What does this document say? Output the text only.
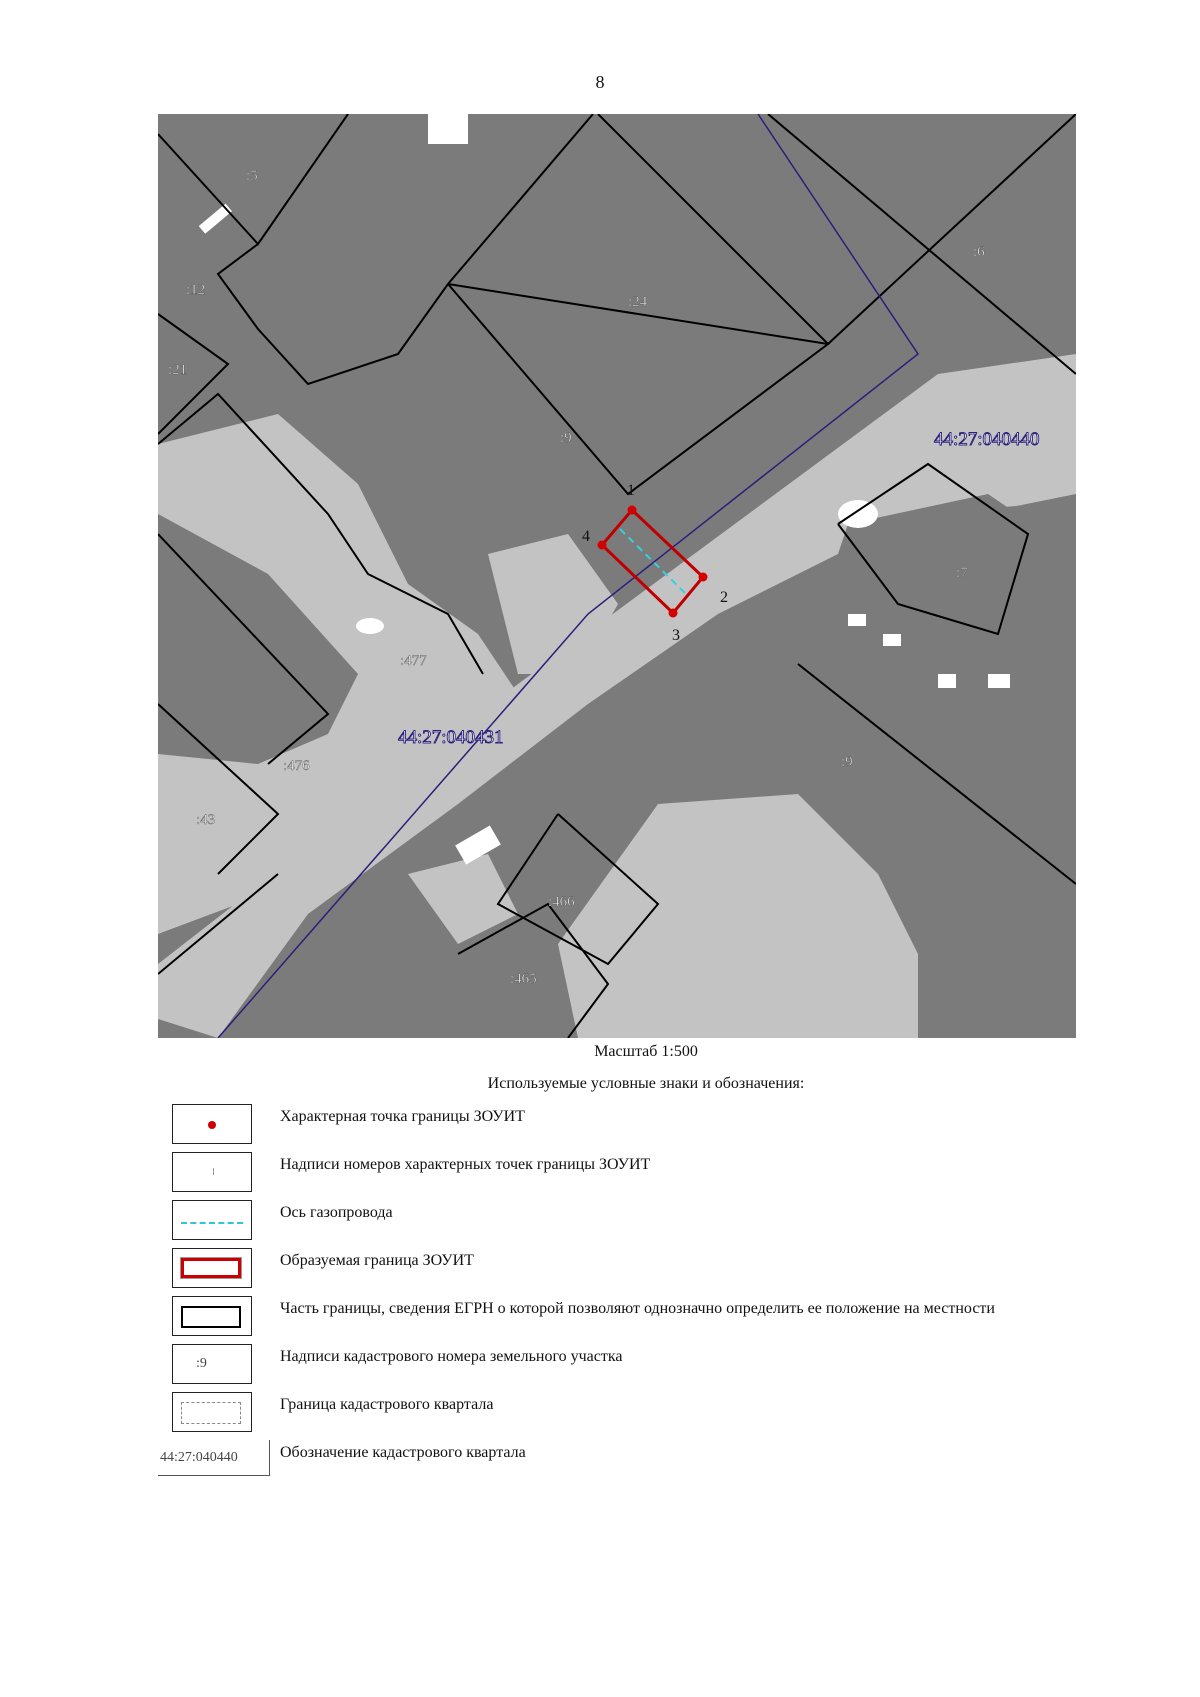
8
1
2
3
4
:5
:12
:24
:6
:21
:9
:7
:477
:476
:43
:9
:466
:465
44:27:040440
44:27:040431
Масштаб 1:500
Используемые условные знаки и обозначения:
Характерная точка границы ЗОУИТ
Надписи номеров характерных точек границы ЗОУИТ
Ось газопровода
Образуемая граница ЗОУИТ
Часть границы, сведения ЕГРН о которой позволяют однозначно определить ее положение на местности
:9	Надписи кадастрового номера земельного участка
Граница кадастрового квартала
44:27:040440	Обозначение кадастрового квартала
